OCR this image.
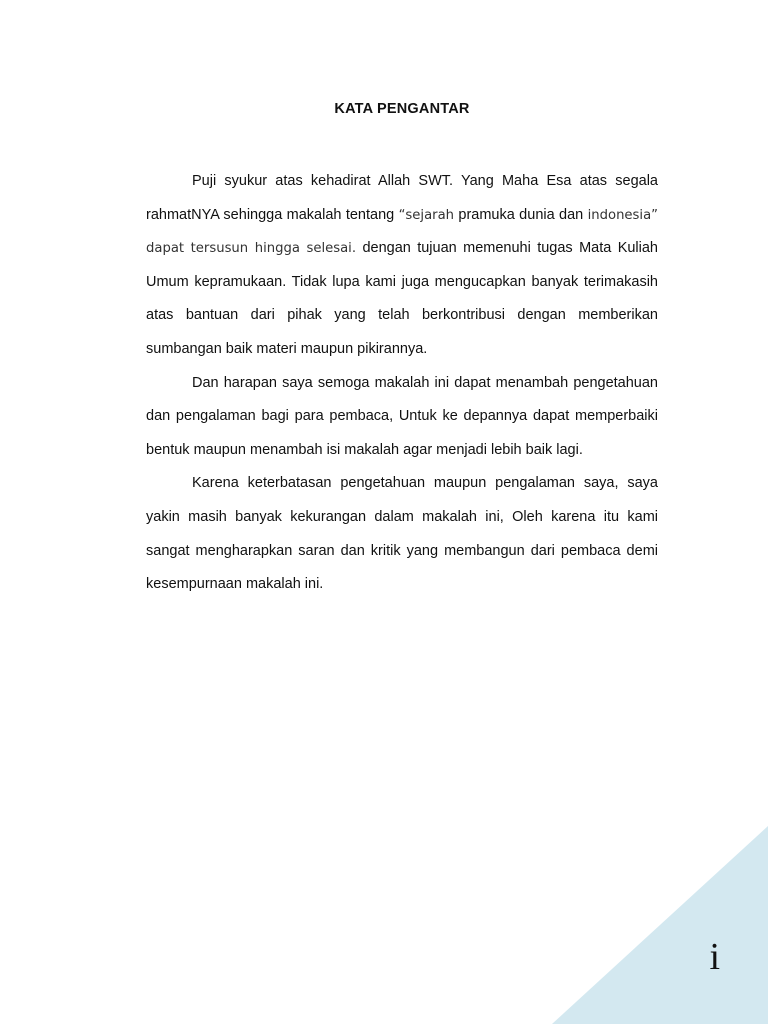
KATA PENGANTAR

Puji syukur atas kehadirat Allah SWT. Yang Maha Esa atas segala rahmatNYA sehingga makalah tentang “sejarah pramuka dunia dan indonesia” dapat tersusun hingga selesai. dengan tujuan memenuhi tugas Mata Kuliah Umum kepramukaan. Tidak lupa kami juga mengucapkan banyak terimakasih atas bantuan dari pihak yang telah berkontribusi dengan memberikan sumbangan baik materi maupun pikirannya.

Dan harapan saya semoga makalah ini dapat menambah pengetahuan dan pengalaman bagi para pembaca, Untuk ke depannya dapat memperbaiki bentuk maupun menambah isi makalah agar menjadi lebih baik lagi.

Karena keterbatasan pengetahuan maupun pengalaman saya, saya yakin masih banyak kekurangan dalam makalah ini, Oleh karena itu kami sangat mengharapkan saran dan kritik yang membangun dari pembaca demi kesempurnaan makalah ini.

i
